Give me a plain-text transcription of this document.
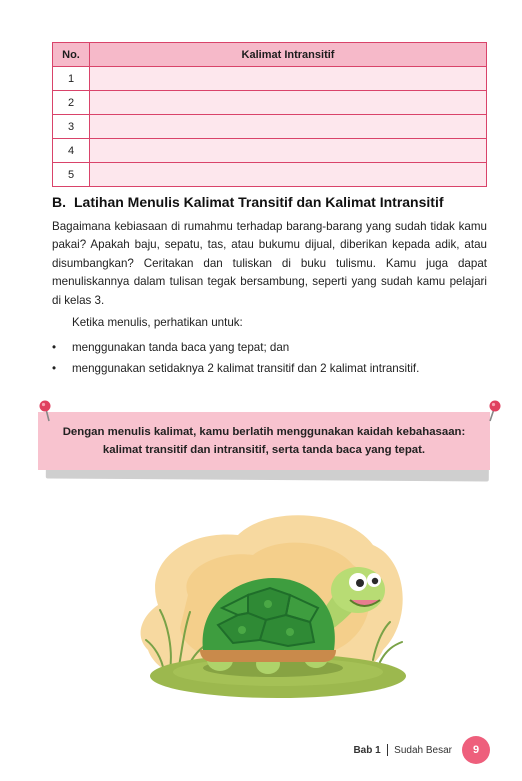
No.	Kalimat Intransitif
1	
2	
3	
4	
5	
B. Latihan Menulis Kalimat Transitif dan Kalimat Intransitif

Bagaimana kebiasaan di rumahmu terhadap barang-barang yang sudah tidak kamu pakai? Apakah baju, sepatu, tas, atau bukumu dijual, diberikan kepada adik, atau disumbangkan? Ceritakan dan tuliskan di buku tulismu. Kamu juga dapat menuliskannya dalam tulisan tegak bersambung, seperti yang sudah kamu pelajari di kelas 3.

Ketika menulis, perhatikan untuk:

• menggunakan tanda baca yang tepat; dan
• menggunakan setidaknya 2 kalimat transitif dan 2 kalimat intransitif.

Dengan menulis kalimat, kamu berlatih menggunakan kaidah kebahasaan:
kalimat transitif dan intransitif, serta tanda baca yang tepat.

Bab 1 Sudah Besar	9
